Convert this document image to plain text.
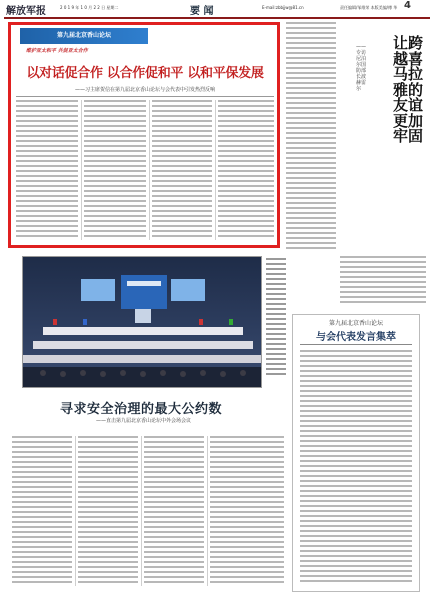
解放军报	2 0 1 9 年 1 0 月 2 2 日 星期二	要 闻	E-mail:zbbjjw@81.cn	责任编辑/邹维荣 本版美编/傅 华 4
第九届北京香山论坛
维护亚太和平 共促亚太合作
以对话促合作 以合作促和平 以和平保发展
——习主席贺信在第九届北京香山论坛与会代表中引发热烈反响
——专访尼泊尔国防部长波赫雷尔
让跨越喜马拉雅的友谊更加牢固
寻求安全治理的最大公约数
——直击第九届北京香山论坛中外会场会议
第九届北京香山论坛
与会代表发言集萃
